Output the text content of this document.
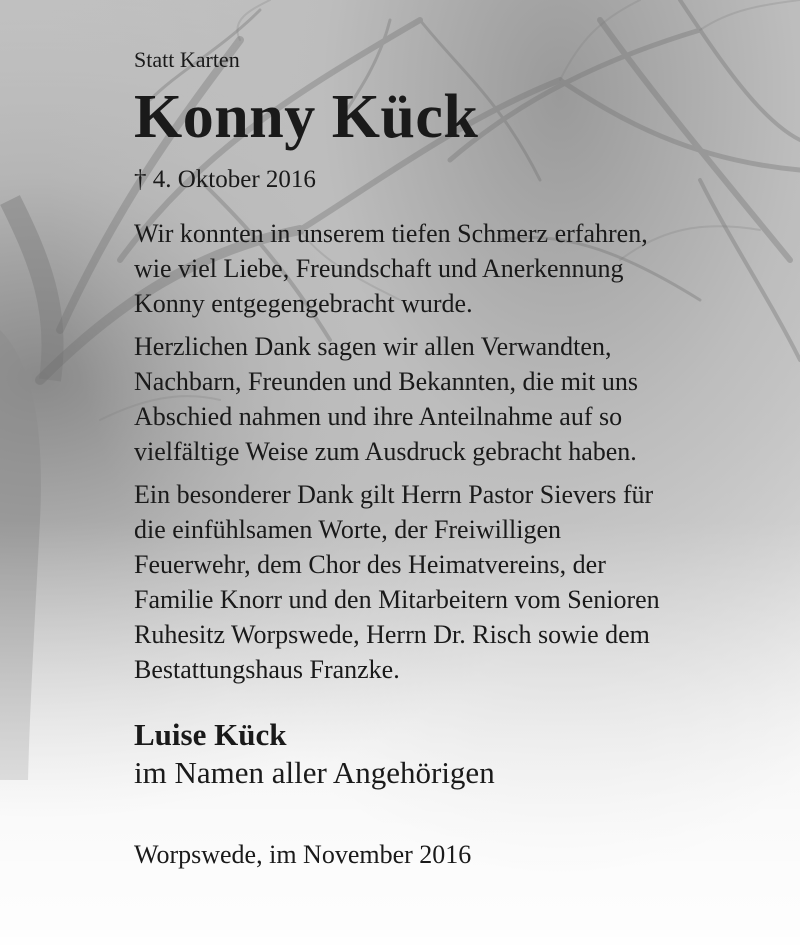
Statt Karten

Konny Kück

† 4. Oktober 2016

Wir konnten in unserem tiefen Schmerz erfahren,
wie viel Liebe, Freundschaft und Anerkennung
Konny entgegengebracht wurde.

Herzlichen Dank sagen wir allen Verwandten,
Nachbarn, Freunden und Bekannten, die mit uns
Abschied nahmen und ihre Anteilnahme auf so
vielfältige Weise zum Ausdruck gebracht haben.

Ein besonderer Dank gilt Herrn Pastor Sievers für
die einfühlsamen Worte, der Freiwilligen
Feuerwehr, dem Chor des Heimatvereins, der
Familie Knorr und den Mitarbeitern vom Senioren
Ruhesitz Worpswede, Herrn Dr. Risch sowie dem
Bestattungshaus Franzke.

Luise Kück

im Namen aller Angehörigen

Worpswede, im November 2016
